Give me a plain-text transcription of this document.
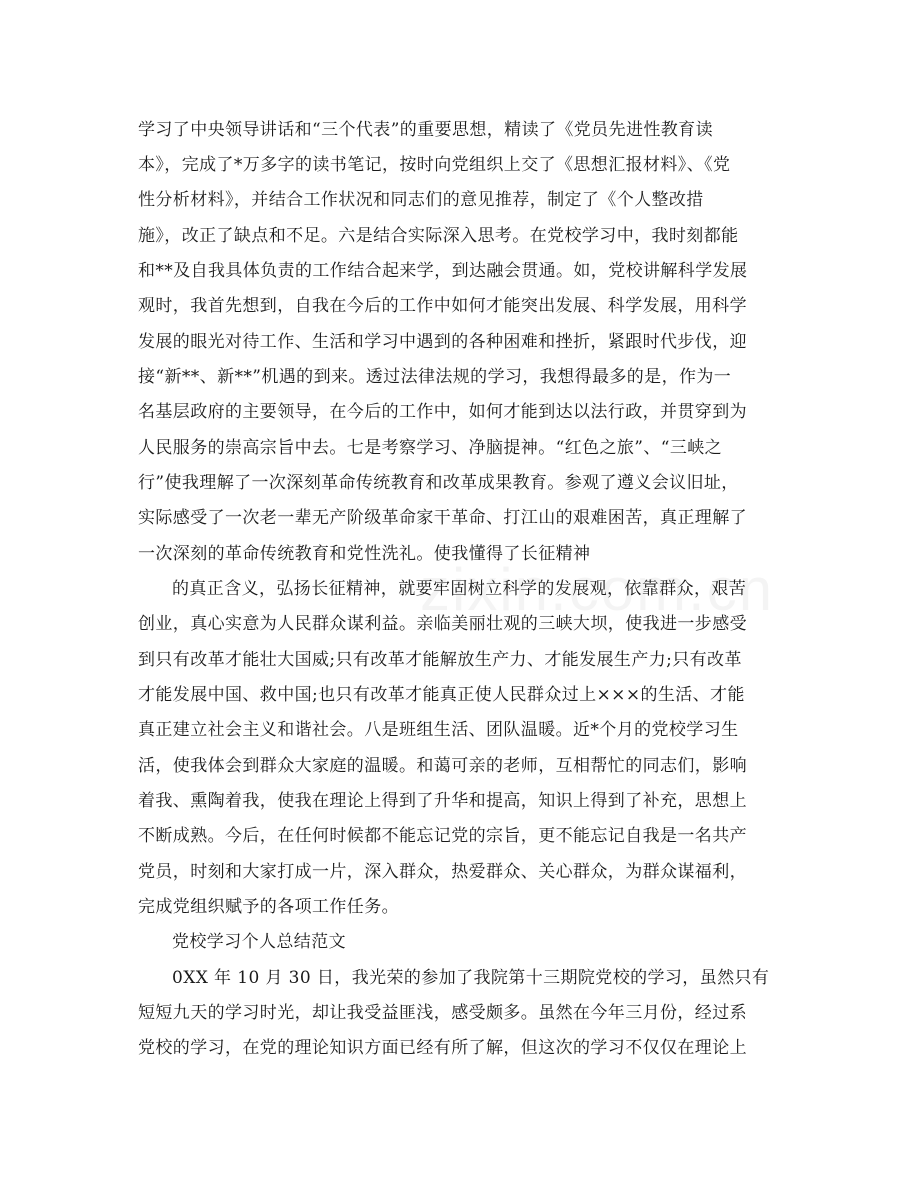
学习了中央领导讲话和“三个代表”的重要思想，精读了《党员先进性教育读
本》，完成了*万多字的读书笔记，按时向党组织上交了《思想汇报材料》、《党
性分析材料》，并结合工作状况和同志们的意见推荐，制定了《个人整改措
施》，改正了缺点和不足。六是结合实际深入思考。在党校学习中，我时刻都能
和**及自我具体负责的工作结合起来学，到达融会贯通。如，党校讲解科学发展
观时，我首先想到，自我在今后的工作中如何才能突出发展、科学发展，用科学
发展的眼光对待工作、生活和学习中遇到的各种困难和挫折，紧跟时代步伐，迎
接“新**、新**”机遇的到来。透过法律法规的学习，我想得最多的是，作为一
名基层政府的主要领导，在今后的工作中，如何才能到达以法行政，并贯穿到为
人民服务的崇高宗旨中去。七是考察学习、净脑提神。“红色之旅”、“三峡之
行”使我理解了一次深刻革命传统教育和改革成果教育。参观了遵义会议旧址，
实际感受了一次老一辈无产阶级革命家干革命、打江山的艰难困苦，真正理解了
一次深刻的革命传统教育和党性洗礼。使我懂得了长征精神
的真正含义，弘扬长征精神，就要牢固树立科学的发展观，依靠群众，艰苦
创业，真心实意为人民群众谋利益。亲临美丽壮观的三峡大坝，使我进一步感受
到只有改革才能壮大国威;只有改革才能解放生产力、才能发展生产力;只有改革
才能发展中国、救中国;也只有改革才能真正使人民群众过上×××的生活、才能
真正建立社会主义和谐社会。八是班组生活、团队温暖。近*个月的党校学习生
活，使我体会到群众大家庭的温暖。和蔼可亲的老师，互相帮忙的同志们，影响
着我、熏陶着我，使我在理论上得到了升华和提高，知识上得到了补充，思想上
不断成熟。今后，在任何时候都不能忘记党的宗旨，更不能忘记自我是一名共产
党员，时刻和大家打成一片，深入群众，热爱群众、关心群众，为群众谋福利，
完成党组织赋予的各项工作任务。
党校学习个人总结范文
0XX 年 10 月 30 日，我光荣的参加了我院第十三期院党校的学习，虽然只有
短短九天的学习时光，却让我受益匪浅，感受颇多。虽然在今年三月份，经过系
党校的学习，在党的理论知识方面已经有所了解，但这次的学习不仅仅在理论上
